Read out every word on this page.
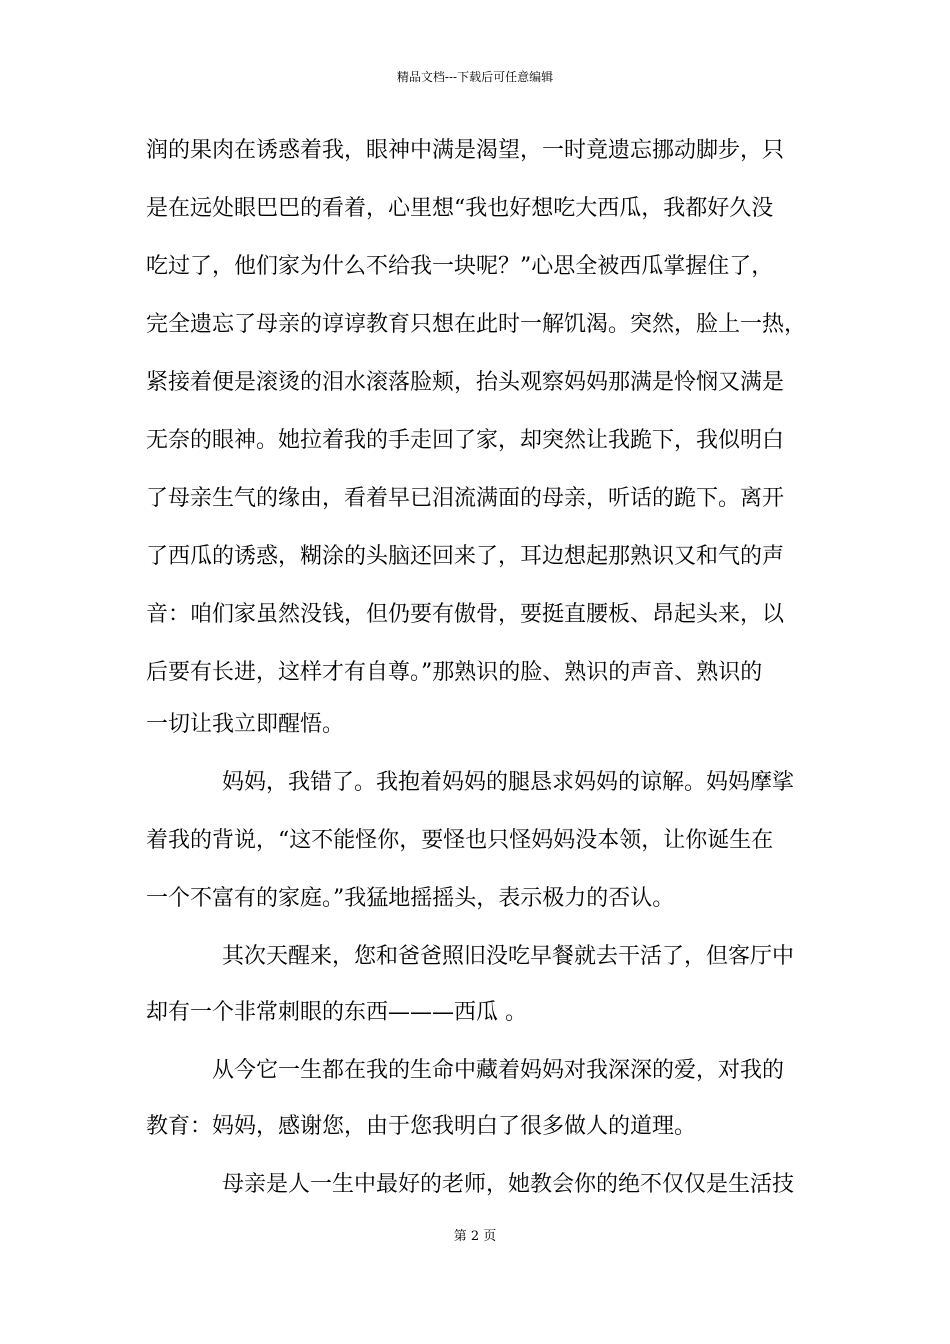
精品文档---下载后可任意编辑
润的果肉在诱惑着我，眼神中满是渴望，一时竟遗忘挪动脚步，只
是在远处眼巴巴的看着，心里想“我也好想吃大西瓜，我都好久没
吃过了，他们家为什么不给我一块呢？”心思全被西瓜掌握住了，
完全遗忘了母亲的谆谆教育只想在此时一解饥渴。突然，脸上一热，
紧接着便是滚烫的泪水滚落脸颊，抬头观察妈妈那满是怜悯又满是
无奈的眼神。她拉着我的手走回了家，却突然让我跪下，我似明白
了母亲生气的缘由，看着早已泪流满面的母亲，听话的跪下。离开
了西瓜的诱惑，糊涂的头脑还回来了，耳边想起那熟识又和气的声
音：咱们家虽然没钱，但仍要有傲骨，要挺直腰板、昂起头来，以
后要有长进，这样才有自尊。”那熟识的脸、熟识的声音、熟识的
一切让我立即醒悟。
妈妈，我错了。我抱着妈妈的腿恳求妈妈的谅解。妈妈摩挲
着我的背说，“这不能怪你，要怪也只怪妈妈没本领，让你诞生在
一个不富有的家庭。”我猛地摇摇头，表示极力的否认。
其次天醒来，您和爸爸照旧没吃早餐就去干活了，但客厅中
却有一个非常刺眼的东西———西瓜 。
从今它一生都在我的生命中藏着妈妈对我深深的爱，对我的
教育：妈妈，感谢您，由于您我明白了很多做人的道理。
母亲是人一生中最好的老师，她教会你的绝不仅仅是生活技
第 2 页
